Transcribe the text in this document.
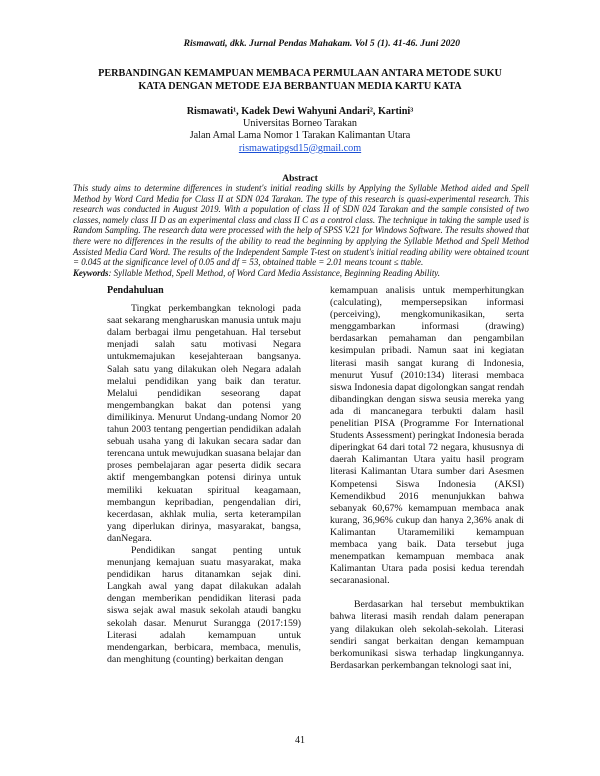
Rismawati, dkk. Jurnal Pendas Mahakam. Vol 5 (1). 41-46. Juni 2020
PERBANDINGAN KEMAMPUAN MEMBACA PERMULAAN ANTARA METODE SUKU
KATA DENGAN METODE EJA BERBANTUAN MEDIA KARTU KATA
Rismawati¹, Kadek Dewi Wahyuni Andari², Kartini³
Universitas Borneo Tarakan
Jalan Amal Lama Nomor 1 Tarakan Kalimantan Utara
rismawatipgsd15@gmail.com
Abstract
This study aims to determine differences in student's initial reading skills by Applying the Syllable Method aided and Spell Method by Word Card Media for Class II at SDN 024 Tarakan. The type of this research is quasi-experimental research. This research was conducted in August 2019. With a population of class II of SDN 024 Tarakan and the sample consisted of two classes, namely class II D as an experimental class and class II C as a control class. The technique in taking the sample used is Random Sampling. The research data were processed with the help of SPSS V.21 for Windows Software. The results showed that there were no differences in the results of the ability to read the beginning by applying the Syllable Method and Spell Method Assisted Media Card Word. The results of the Independent Sample T-test on student's initial reading ability were obtained tcount = 0.045 at the significance level of 0.05 and df = 53, obtained ttable = 2.01 means tcount ≤ ttable.
Keywords: Syllable Method, Spell Method, of Word Card Media Assistance, Beginning Reading Ability.
Pendahuluan

Tingkat perkembangkan teknologi pada saat sekarang mengharuskan manusia untuk maju dalam berbagai ilmu pengetahuan. Hal tersebut menjadi salah satu motivasi Negara untukmemajukan kesejahteraan bangsanya. Salah satu yang dilakukan oleh Negara adalah melalui pendidikan yang baik dan teratur. Melalui pendidikan seseorang dapat mengembangkan bakat dan potensi yang dimilikinya. Menurut Undang-undang Nomor 20 tahun 2003 tentang pengertian pendidikan adalah sebuah usaha yang di lakukan secara sadar dan terencana untuk mewujudkan suasana belajar dan proses pembelajaran agar peserta didik secara aktif mengembangkan potensi dirinya untuk memiliki kekuatan spiritual keagamaan, membangun kepribadian, pengendalian diri, kecerdasan, akhlak mulia, serta keterampilan yang diperlukan dirinya, masyarakat, bangsa, danNegara.

Pendidikan sangat penting untuk menunjang kemajuan suatu masyarakat, maka pendidikan harus ditanamkan sejak dini. Langkah awal yang dapat dilakukan adalah dengan memberikan pendidikan literasi pada siswa sejak awal masuk sekolah ataudi bangku sekolah dasar. Menurut Surangga (2017:159) Literasi adalah kemampuan untuk mendengarkan, berbicara, membaca, menulis, dan menghitung (counting) berkaitan dengan

kemampuan analisis untuk memperhitungkan (calculating), mempersepsikan informasi (perceiving), mengkomunikasikan, serta menggambarkan informasi (drawing) berdasarkan pemahaman dan pengambilan kesimpulan pribadi. Namun saat ini kegiatan literasi masih sangat kurang di Indonesia, menurut Yusuf (2010:134) literasi membaca siswa Indonesia dapat digolongkan sangat rendah dibandingkan dengan siswa seusia mereka yang ada di mancanegara terbukti dalam hasil penelitian PISA (Programme For International Students Assessment) peringkat Indonesia berada diperingkat 64 dari total 72 negara, khususnya di daerah Kalimantan Utara yaitu hasil program literasi Kalimantan Utara sumber dari Asesmen Kompetensi Siswa Indonesia (AKSI) Kemendikbud 2016 menunjukkan bahwa sebanyak 60,67% kemampuan membaca anak kurang, 36,96% cukup dan hanya 2,36% anak di Kalimantan Utaramemiliki kemampuan membaca yang baik. Data tersebut juga menempatkan kemampuan membaca anak Kalimantan Utara pada posisi kedua terendah secaranasional.

Berdasarkan hal tersebut membuktikan bahwa literasi masih rendah dalam penerapan yang dilakukan oleh sekolah-sekolah. Literasi sendiri sangat berkaitan dengan kemampuan berkomunikasi siswa terhadap lingkungannya. Berdasarkan perkembangan teknologi saat ini,

41
